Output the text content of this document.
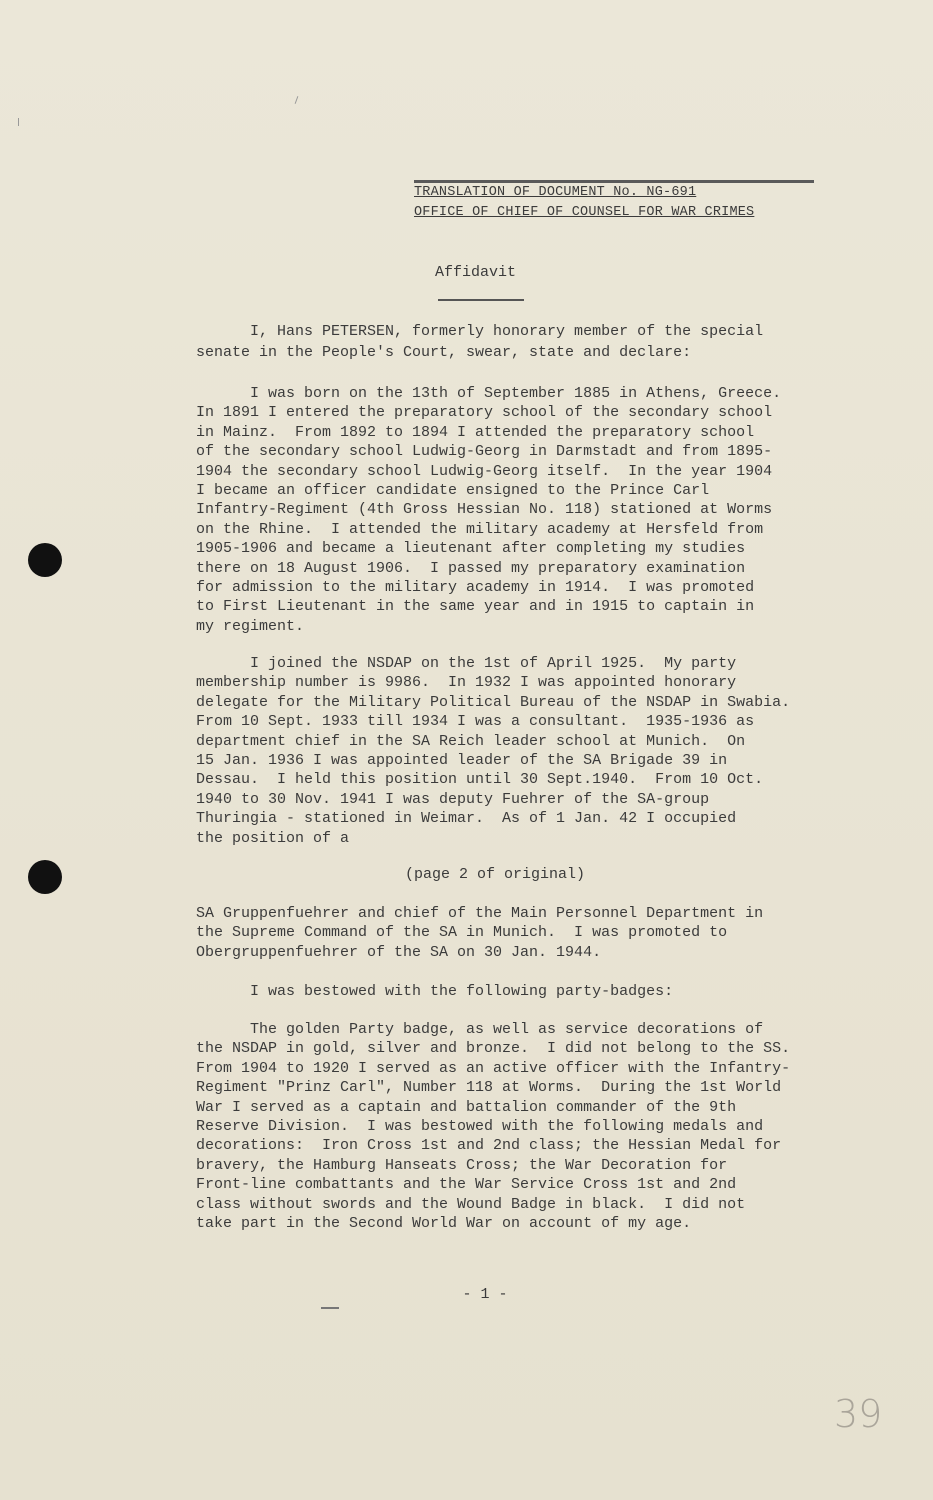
TRANSLATION OF DOCUMENT No. NG-691
OFFICE OF CHIEF OF COUNSEL FOR WAR CRIMES
Affidavit
I, Hans PETERSEN, formerly honorary member of the special
senate in the People's Court, swear, state and declare:
I was born on the 13th of September 1885 in Athens, Greece.
In 1891 I entered the preparatory school of the secondary school
in Mainz.  From 1892 to 1894 I attended the preparatory school
of the secondary school Ludwig-Georg in Darmstadt and from 1895-
1904 the secondary school Ludwig-Georg itself.  In the year 1904
I became an officer candidate ensigned to the Prince Carl
Infantry-Regiment (4th Gross Hessian No. 118) stationed at Worms
on the Rhine.  I attended the military academy at Hersfeld from
1905-1906 and became a lieutenant after completing my studies
there on 18 August 1906.  I passed my preparatory examination
for admission to the military academy in 1914.  I was promoted
to First Lieutenant in the same year and in 1915 to captain in
my regiment.
I joined the NSDAP on the 1st of April 1925.  My party
membership number is 9986.  In 1932 I was appointed honorary
delegate for the Military Political Bureau of the NSDAP in Swabia.
From 10 Sept. 1933 till 1934 I was a consultant.  1935-1936 as
department chief in the SA Reich leader school at Munich.  On
15 Jan. 1936 I was appointed leader of the SA Brigade 39 in
Dessau.  I held this position until 30 Sept.1940.  From 10 Oct.
1940 to 30 Nov. 1941 I was deputy Fuehrer of the SA-group
Thuringia - stationed in Weimar.  As of 1 Jan. 42 I occupied
the position of a
(page 2 of original)
SA Gruppenfuehrer and chief of the Main Personnel Department in
the Supreme Command of the SA in Munich.  I was promoted to
Obergruppenfuehrer of the SA on 30 Jan. 1944.
I was bestowed with the following party-badges:
The golden Party badge, as well as service decorations of
the NSDAP in gold, silver and bronze.  I did not belong to the SS.
From 1904 to 1920 I served as an active officer with the Infantry-
Regiment "Prinz Carl", Number 118 at Worms.  During the 1st World
War I served as a captain and battalion commander of the 9th
Reserve Division.  I was bestowed with the following medals and
decorations:  Iron Cross 1st and 2nd class; the Hessian Medal for
bravery, the Hamburg Hanseats Cross; the War Decoration for
Front-line combattants and the War Service Cross 1st and 2nd
class without swords and the Wound Badge in black.  I did not
take part in the Second World War on account of my age.
- 1 -
39
